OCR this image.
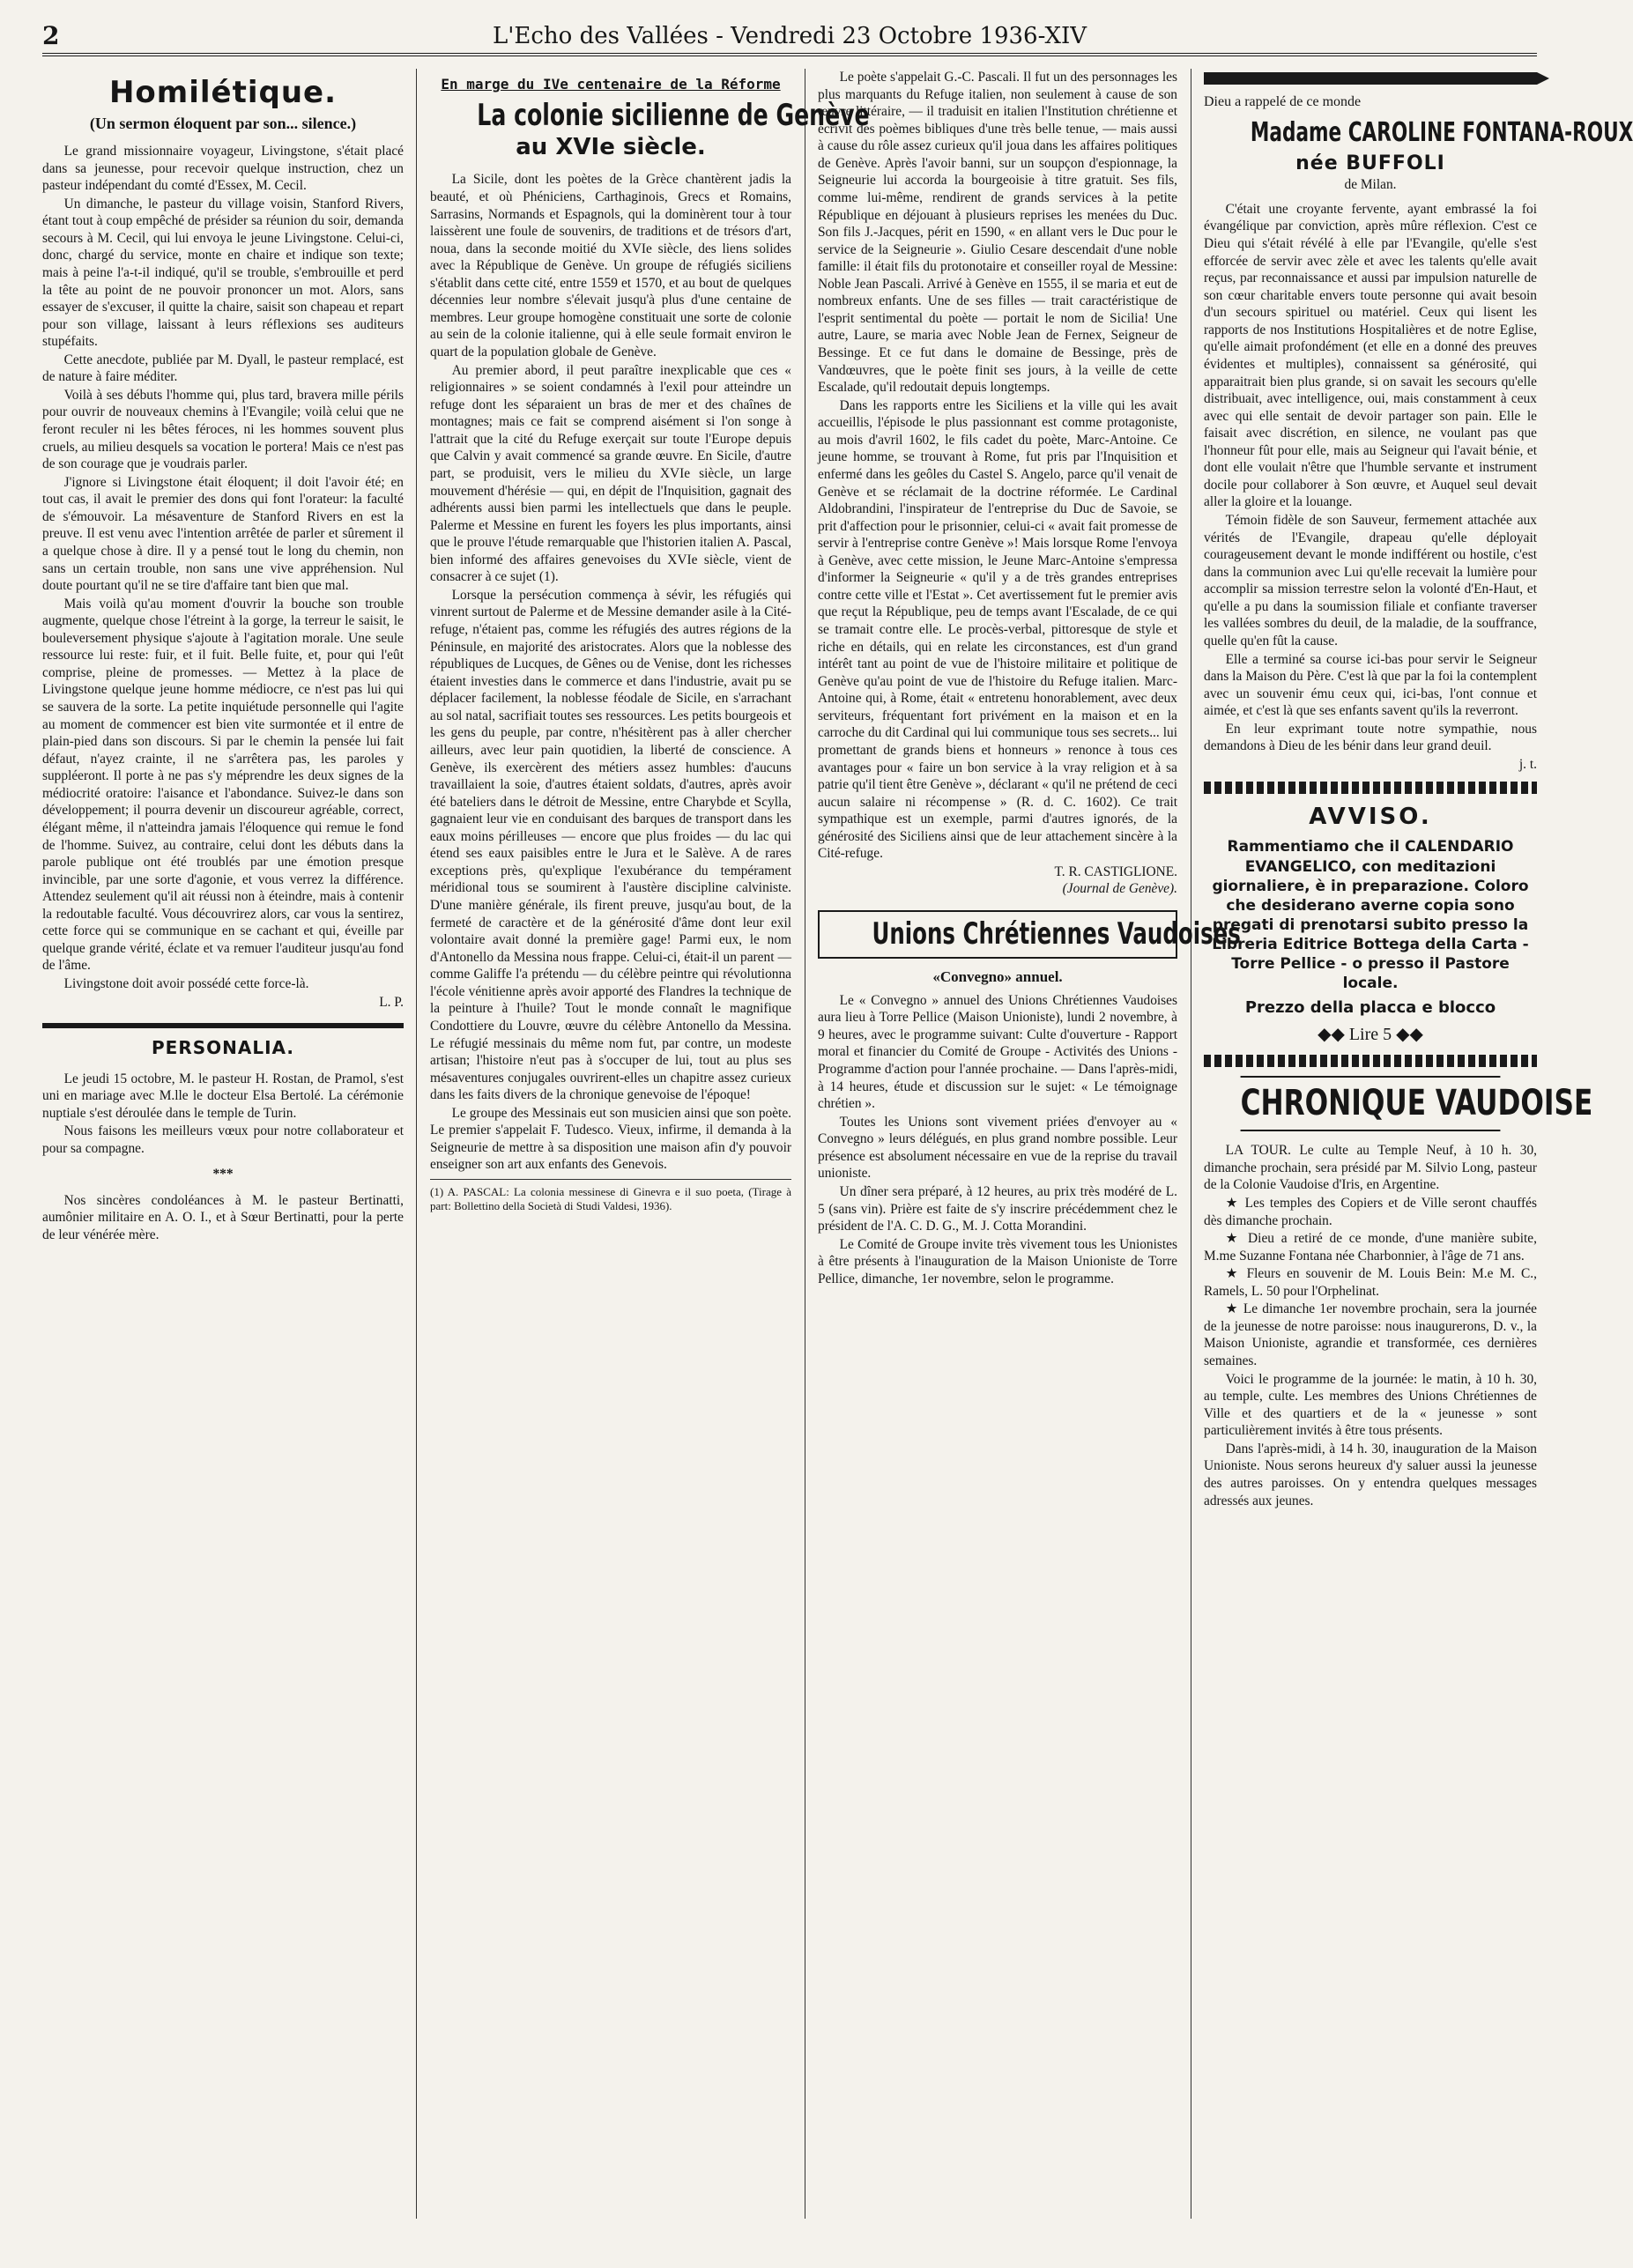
2	L'Echo des Vallées - Vendredi 23 Octobre 1936-XIV
Homilétique.
(Un sermon éloquent par son... silence.)

Le grand missionnaire voyageur, Livingstone, s'était placé dans sa jeunesse, pour recevoir quelque instruction, chez un pasteur indépendant du comté d'Essex, M. Cecil.

Un dimanche, le pasteur du village voisin, Stanford Rivers, étant tout à coup empêché de présider sa réunion du soir, demanda secours à M. Cecil, qui lui envoya le jeune Livingstone. Celui-ci, donc, chargé du service, monte en chaire et indique son texte; mais à peine l'a-t-il indiqué, qu'il se trouble, s'embrouille et perd la tête au point de ne pouvoir prononcer un mot. Alors, sans essayer de s'excuser, il quitte la chaire, saisit son chapeau et repart pour son village, laissant à leurs réflexions ses auditeurs stupéfaits.

Cette anecdote, publiée par M. Dyall, le pasteur remplacé, est de nature à faire méditer.

Voilà à ses débuts l'homme qui, plus tard, bravera mille périls pour ouvrir de nouveaux chemins à l'Evangile; voilà celui que ne feront reculer ni les bêtes féroces, ni les hommes souvent plus cruels, au milieu desquels sa vocation le portera! Mais ce n'est pas de son courage que je voudrais parler.

J'ignore si Livingstone était éloquent; il doit l'avoir été; en tout cas, il avait le premier des dons qui font l'orateur: la faculté de s'émouvoir. La mésaventure de Stanford Rivers en est la preuve. Il est venu avec l'intention arrêtée de parler et sûrement il a quelque chose à dire. Il y a pensé tout le long du chemin, non sans un certain trouble, non sans une vive appréhension. Nul doute pourtant qu'il ne se tire d'affaire tant bien que mal.

Mais voilà qu'au moment d'ouvrir la bouche son trouble augmente, quelque chose l'étreint à la gorge, la terreur le saisit, le bouleversement physique s'ajoute à l'agitation morale. Une seule ressource lui reste: fuir, et il fuit. Belle fuite, et, pour qui l'eût comprise, pleine de promesses. — Mettez à la place de Livingstone quelque jeune homme médiocre, ce n'est pas lui qui se sauvera de la sorte. La petite inquiétude personnelle qui l'agite au moment de commencer est bien vite surmontée et il entre de plain-pied dans son discours. Si par le chemin la pensée lui fait défaut, n'ayez crainte, il ne s'arrêtera pas, les paroles y suppléeront. Il porte à ne pas s'y méprendre les deux signes de la médiocrité oratoire: l'aisance et l'abondance. Suivez-le dans son développement; il pourra devenir un discoureur agréable, correct, élégant même, il n'atteindra jamais l'éloquence qui remue le fond de l'homme. Suivez, au contraire, celui dont les débuts dans la parole publique ont été troublés par une émotion presque invincible, par une sorte d'agonie, et vous verrez la différence. Attendez seulement qu'il ait réussi non à éteindre, mais à contenir la redoutable faculté. Vous découvrirez alors, car vous la sentirez, cette force qui se communique en se cachant et qui, éveille par quelque grande vérité, éclate et va remuer l'auditeur jusqu'au fond de l'âme.

Livingstone doit avoir possédé cette force-là.

L. P.
PERSONALIA.

Le jeudi 15 octobre, M. le pasteur H. Rostan, de Pramol, s'est uni en mariage avec M.lle le docteur Elsa Bertolé. La cérémonie nuptiale s'est déroulée dans le temple de Turin.

Nous faisons les meilleurs vœux pour notre collaborateur et pour sa compagne.

***

Nos sincères condoléances à M. le pasteur Bertinatti, aumônier militaire en A. O. I., et à Sœur Bertinatti, pour la perte de leur vénérée mère.

En marge du IVe centenaire de la Réforme
La colonie sicilienne de Genève
au XVIe siècle.

La Sicile, dont les poètes de la Grèce chantèrent jadis la beauté, et où Phéniciens, Carthaginois, Grecs et Romains, Sarrasins, Normands et Espagnols, qui la dominèrent tour à tour laissèrent une foule de souvenirs, de traditions et de trésors d'art, noua, dans la seconde moitié du XVIe siècle, des liens solides avec la République de Genève. Un groupe de réfugiés siciliens s'établit dans cette cité, entre 1559 et 1570, et au bout de quelques décennies leur nombre s'élevait jusqu'à plus d'une centaine de membres. Leur groupe homogène constituait une sorte de colonie au sein de la colonie italienne, qui à elle seule formait environ le quart de la population globale de Genève.

Au premier abord, il peut paraître inexplicable que ces « religionnaires » se soient condamnés à l'exil pour atteindre un refuge dont les séparaient un bras de mer et des chaînes de montagnes; mais ce fait se comprend aisément si l'on songe à l'attrait que la cité du Refuge exerçait sur toute l'Europe depuis que Calvin y avait commencé sa grande œuvre. En Sicile, d'autre part, se produisit, vers le milieu du XVIe siècle, un large mouvement d'hérésie — qui, en dépit de l'Inquisition, gagnait des adhérents aussi bien parmi les intellectuels que dans le peuple. Palerme et Messine en furent les foyers les plus importants, ainsi que le prouve l'étude remarquable que l'historien italien A. Pascal, bien informé des affaires genevoises du XVIe siècle, vient de consacrer à ce sujet (1).

Lorsque la persécution commença à sévir, les réfugiés qui vinrent surtout de Palerme et de Messine demander asile à la Cité-refuge, n'étaient pas, comme les réfugiés des autres régions de la Péninsule, en majorité des aristocrates. Alors que la noblesse des républiques de Lucques, de Gênes ou de Venise, dont les richesses étaient investies dans le commerce et dans l'industrie, avait pu se déplacer facilement, la noblesse féodale de Sicile, en s'arrachant au sol natal, sacrifiait toutes ses ressources. Les petits bourgeois et les gens du peuple, par contre, n'hésitèrent pas à aller chercher ailleurs, avec leur pain quotidien, la liberté de conscience. A Genève, ils exercèrent des métiers assez humbles: d'aucuns travaillaient la soie, d'autres étaient soldats, d'autres, après avoir été bateliers dans le détroit de Messine, entre Charybde et Scylla, gagnaient leur vie en conduisant des barques de transport dans les eaux moins périlleuses — encore que plus froides — du lac qui étend ses eaux paisibles entre le Jura et le Salève. A de rares exceptions près, qu'explique l'exubérance du tempérament méridional tous se soumirent à l'austère discipline calviniste. D'une manière générale, ils firent preuve, jusqu'au bout, de la fermeté de caractère et de la générosité d'âme dont leur exil volontaire avait donné la première gage! Parmi eux, le nom d'Antonello da Messina nous frappe. Celui-ci, était-il un parent — comme Galiffe l'a prétendu — du célèbre peintre qui révolutionna l'école vénitienne après avoir apporté des Flandres la technique de la peinture à l'huile? Tout le monde connaît le magnifique Condottiere du Louvre, œuvre du célèbre Antonello da Messina. Le réfugié messinais du même nom fut, par contre, un modeste artisan; l'histoire n'eut pas à s'occuper de lui, tout au plus ses mésaventures conjugales ouvrirent-elles un chapitre assez curieux dans les faits divers de la chronique genevoise de l'époque!

Le groupe des Messinais eut son musicien ainsi que son poète. Le premier s'appelait F. Tudesco. Vieux, infirme, il demanda à la Seigneurie de mettre à sa disposition une maison afin d'y pouvoir enseigner son art aux enfants des Genevois.

(1) A. PASCAL: La colonia messinese di Ginevra e il suo poeta, (Tirage à part: Bollettino della Società di Studi Valdesi, 1936).

Le poète s'appelait G.-C. Pascali. Il fut un des personnages les plus marquants du Refuge italien, non seulement à cause de son œuvre littéraire, — il traduisit en italien l'Institution chrétienne et écrivit des poèmes bibliques d'une très belle tenue, — mais aussi à cause du rôle assez curieux qu'il joua dans les affaires politiques de Genève. Après l'avoir banni, sur un soupçon d'espionnage, la Seigneurie lui accorda la bourgeoisie à titre gratuit. Ses fils, comme lui-même, rendirent de grands services à la petite République en déjouant à plusieurs reprises les menées du Duc. Son fils J.-Jacques, périt en 1590, « en allant vers le Duc pour le service de la Seigneurie ». Giulio Cesare descendait d'une noble famille: il était fils du protonotaire et conseiller royal de Messine: Noble Jean Pascali. Arrivé à Genève en 1555, il se maria et eut de nombreux enfants. Une de ses filles — trait caractéristique de l'esprit sentimental du poète — portait le nom de Sicilia! Une autre, Laure, se maria avec Noble Jean de Fernex, Seigneur de Bessinge. Et ce fut dans le domaine de Bessinge, près de Vandœuvres, que le poète finit ses jours, à la veille de cette Escalade, qu'il redoutait depuis longtemps.

Dans les rapports entre les Siciliens et la ville qui les avait accueillis, l'épisode le plus passionnant est comme protagoniste, au mois d'avril 1602, le fils cadet du poète, Marc-Antoine. Ce jeune homme, se trouvant à Rome, fut pris par l'Inquisition et enfermé dans les geôles du Castel S. Angelo, parce qu'il venait de Genève et se réclamait de la doctrine réformée. Le Cardinal Aldobrandini, l'inspirateur de l'entreprise du Duc de Savoie, se prit d'affection pour le prisonnier, celui-ci « avait fait promesse de servir à l'entreprise contre Genève »! Mais lorsque Rome l'envoya à Genève, avec cette mission, le Jeune Marc-Antoine s'empressa d'informer la Seigneurie « qu'il y a de très grandes entreprises contre cette ville et l'Estat ». Cet avertissement fut le premier avis que reçut la République, peu de temps avant l'Escalade, de ce qui se tramait contre elle. Le procès-verbal, pittoresque de style et riche en détails, qui en relate les circonstances, est d'un grand intérêt tant au point de vue de l'histoire militaire et politique de Genève qu'au point de vue de l'histoire du Refuge italien. Marc-Antoine qui, à Rome, était « entretenu honorablement, avec deux serviteurs, fréquentant fort privément en la maison et en la carroche du dit Cardinal qui lui communique tous ses secrets... lui promettant de grands biens et honneurs » renonce à tous ces avantages pour « faire un bon service à la vray religion et à sa patrie qu'il tient être Genève », déclarant « qu'il ne prétend de ceci aucun salaire ni récompense » (R. d. C. 1602). Ce trait sympathique est un exemple, parmi d'autres ignorés, de la générosité des Siciliens ainsi que de leur attachement sincère à la Cité-refuge.

T. R. CASTIGLIONE.
(Journal de Genève).
Unions Chrétiennes Vaudoises
«Convegno» annuel.

Le « Convegno » annuel des Unions Chrétiennes Vaudoises aura lieu à Torre Pellice (Maison Unioniste), lundi 2 novembre, à 9 heures, avec le programme suivant: Culte d'ouverture - Rapport moral et financier du Comité de Groupe - Activités des Unions - Programme d'action pour l'année prochaine. — Dans l'après-midi, à 14 heures, étude et discussion sur le sujet: « Le témoignage chrétien ».

Toutes les Unions sont vivement priées d'envoyer au « Convegno » leurs délégués, en plus grand nombre possible. Leur présence est absolument nécessaire en vue de la reprise du travail unioniste.

Un dîner sera préparé, à 12 heures, au prix très modéré de L. 5 (sans vin). Prière est faite de s'y inscrire précédemment chez le président de l'A. C. D. G., M. J. Cotta Morandini.

Le Comité de Groupe invite très vivement tous les Unionistes à être présents à l'inauguration de la Maison Unioniste de Torre Pellice, dimanche, 1er novembre, selon le programme.

Dieu a rappelé de ce monde
Madame CAROLINE FONTANA-ROUX
née BUFFOLI
de Milan.

C'était une croyante fervente, ayant embrassé la foi évangélique par conviction, après mûre réflexion. C'est ce Dieu qui s'était révélé à elle par l'Evangile, qu'elle s'est efforcée de servir avec zèle et avec les talents qu'elle avait reçus, par reconnaissance et aussi par impulsion naturelle de son cœur charitable envers toute personne qui avait besoin d'un secours spirituel ou matériel. Ceux qui lisent les rapports de nos Institutions Hospitalières et de notre Eglise, qu'elle aimait profondément (et elle en a donné des preuves évidentes et multiples), connaissent sa générosité, qui apparaitrait bien plus grande, si on savait les secours qu'elle distribuait, avec intelligence, oui, mais constamment à ceux avec qui elle sentait de devoir partager son pain. Elle le faisait avec discrétion, en silence, ne voulant pas que l'honneur fût pour elle, mais au Seigneur qui l'avait bénie, et dont elle voulait n'être que l'humble servante et instrument docile pour collaborer à Son œuvre, et Auquel seul devait aller la gloire et la louange.

Témoin fidèle de son Sauveur, fermement attachée aux vérités de l'Evangile, drapeau qu'elle déployait courageusement devant le monde indifférent ou hostile, c'est dans la communion avec Lui qu'elle recevait la lumière pour accomplir sa mission terrestre selon la volonté d'En-Haut, et qu'elle a pu dans la soumission filiale et confiante traverser les vallées sombres du deuil, de la maladie, de la souffrance, quelle qu'en fût la cause.

Elle a terminé sa course ici-bas pour servir le Seigneur dans la Maison du Père. C'est là que par la foi la contemplent avec un souvenir ému ceux qui, ici-bas, l'ont connue et aimée, et c'est là que ses enfants savent qu'ils la reverront.

En leur exprimant toute notre sympathie, nous demandons à Dieu de les bénir dans leur grand deuil.

j. t.
AVVISO.
Rammentiamo che il CALENDARIO EVANGELICO, con meditazioni giornaliere, è in preparazione. Coloro che desiderano averne copia sono pregati di prenotarsi subito presso la Libreria Editrice Bottega della Carta - Torre Pellice - o presso il Pastore locale.
Prezzo della placca e blocco
◆◆ Lire 5 ◆◆
CHRONIQUE VAUDOISE

LA TOUR. Le culte au Temple Neuf, à 10 h. 30, dimanche prochain, sera présidé par M. Silvio Long, pasteur de la Colonie Vaudoise d'Iris, en Argentine.

★ Les temples des Copiers et de Ville seront chauffés dès dimanche prochain.

★ Dieu a retiré de ce monde, d'une manière subite, M.me Suzanne Fontana née Charbonnier, à l'âge de 71 ans.

★ Fleurs en souvenir de M. Louis Bein: M.e M. C., Ramels, L. 50 pour l'Orphelinat.

★ Le dimanche 1er novembre prochain, sera la journée de la jeunesse de notre paroisse: nous inaugurerons, D. v., la Maison Unioniste, agrandie et transformée, ces dernières semaines.

Voici le programme de la journée: le matin, à 10 h. 30, au temple, culte. Les membres des Unions Chrétiennes de Ville et des quartiers et de la « jeunesse » sont particulièrement invités à être tous présents.

Dans l'après-midi, à 14 h. 30, inauguration de la Maison Unioniste. Nous serons heureux d'y saluer aussi la jeunesse des autres paroisses. On y entendra quelques messages adressés aux jeunes.
